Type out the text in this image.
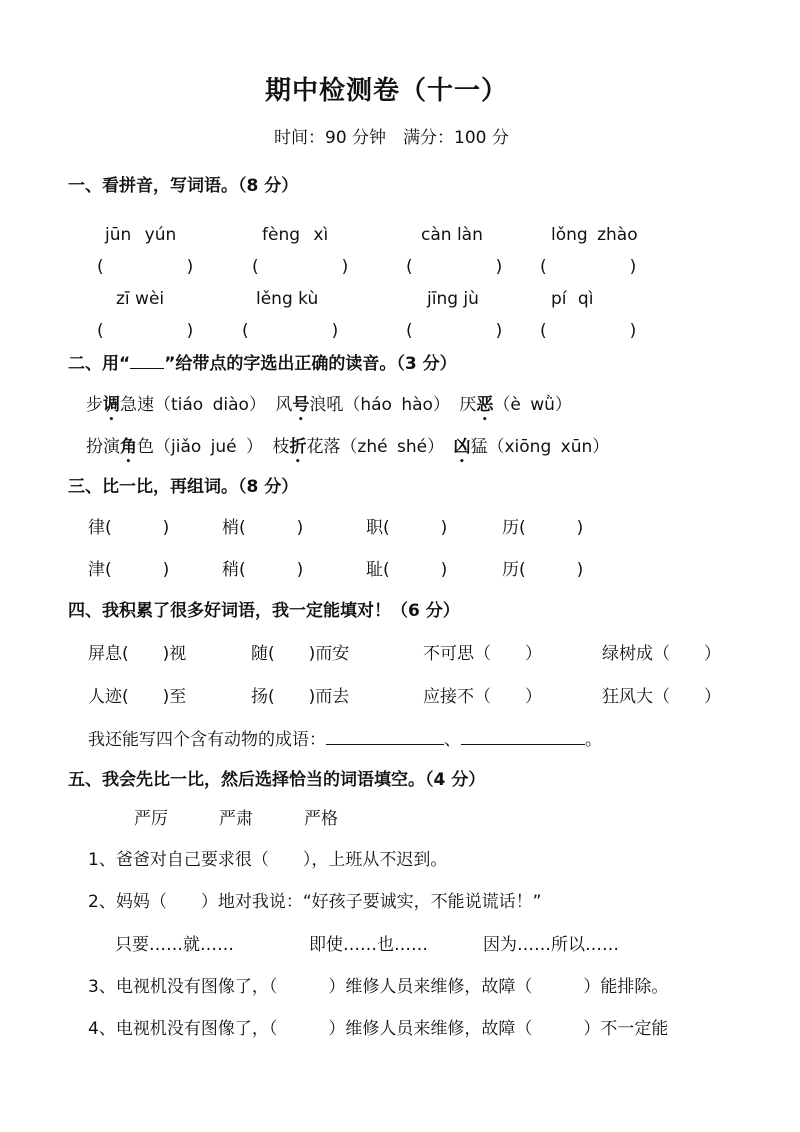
期中检测卷（十一）
时间：90 分钟　满分：100 分
一、看拼音，写词语。（8 分）
jūn yún	fèng xì	càn làn	lǒng zhào
(　　　　)	(　　　　)	(　　　　) (　　　　)
zī wèi	lěng kù	jīng jù	pí qì
(　　　　)	(　　　　)	(　　　　) (　　　　)
二、用“ ”给带点的字选出正确的读音。（3 分）
步调急速（tiáo diào） 风号浪吼（háo hào） 厌恶（è wǜ）
扮演角色（jiǎo jué ） 枝折花落（zhé shé） 凶猛（xiōng xūn）
三、比一比，再组词。（8 分）
律(　　　)	梢(　　　)	职(　　　)	历(　　　)
津(　　　)	稍(　　　)	耻(　　　)	历(　　　)
四、我积累了很多好词语，我一定能填对！（6 分）
屏息(　　)视	随(　　)而安	不可思（　　）	绿树成（　　）
人迹(　　)至	扬(　　)而去	应接不（　　）	狂风大（　　）
我还能写四个含有动物的成语：	、	。
五、我会先比一比，然后选择恰当的词语填空。（4 分）
严厉	严肃	严格
1、爸爸对自己要求很（　　），上班从不迟到。
2、妈妈（　　）地对我说：“好孩子要诚实，不能说谎话！”
只要……就……	即使……也……	因为……所以……
3、电视机没有图像了，（　　　）维修人员来维修，故障（　　　）能排除。
4、电视机没有图像了，（　　　）维修人员来维修，故障（　　　）不一定能
